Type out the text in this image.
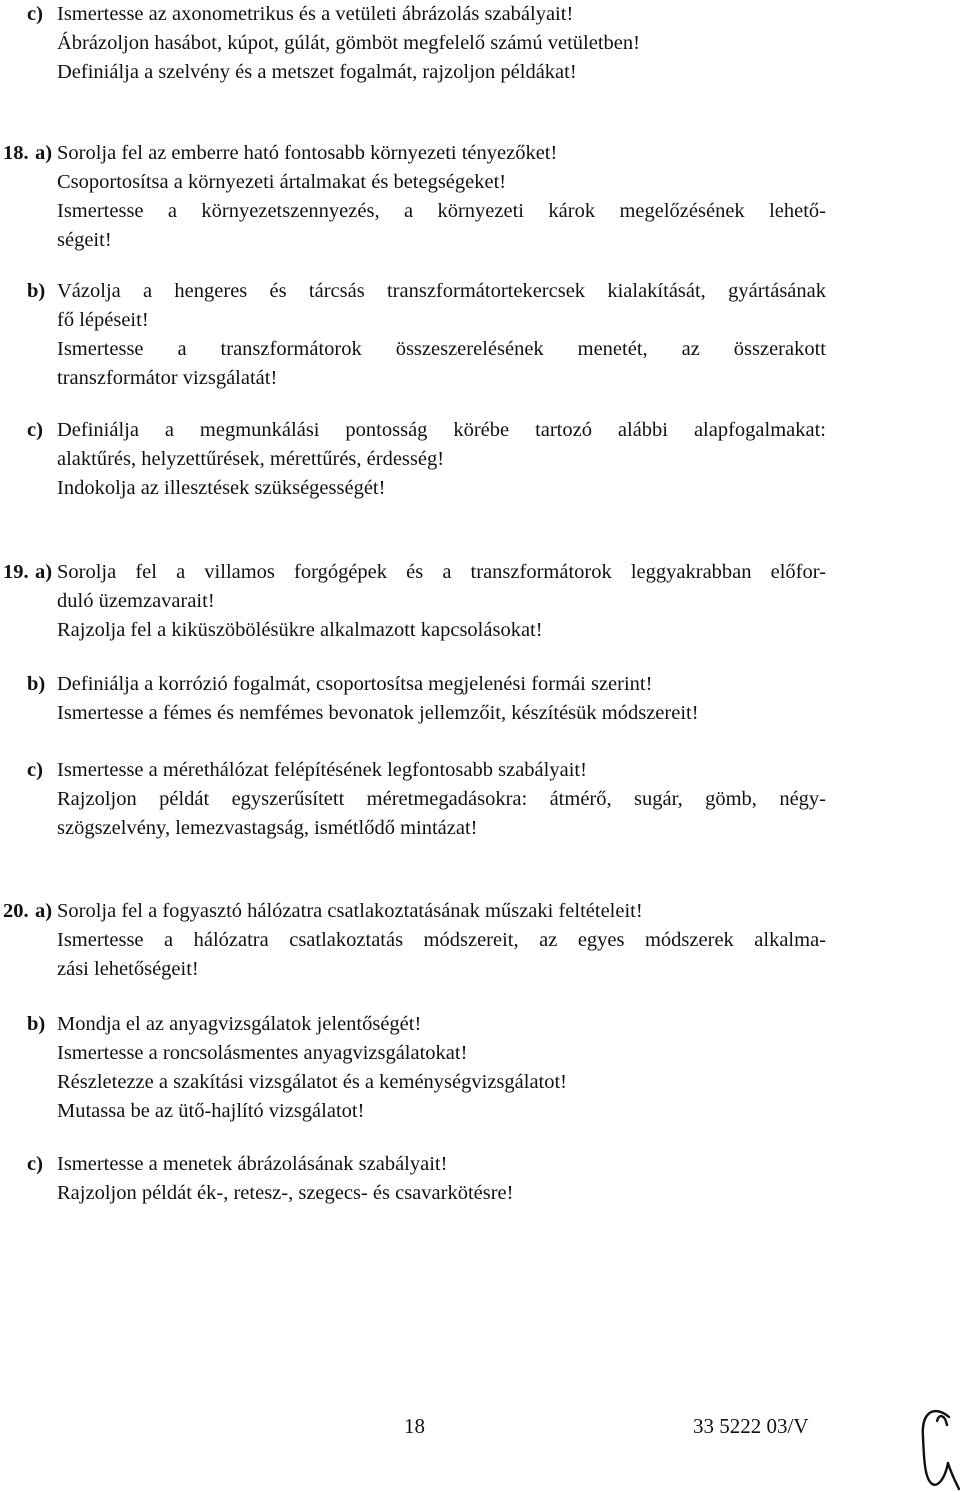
c) Ismertesse az axonometrikus és a vetületi ábrázolás szabályait!
Ábrázoljon hasábot, kúpot, gúlát, gömböt megfelelő számú vetületben!
Definiálja a szelvény és a metszet fogalmát, rajzoljon példákat!
18. a) Sorolja fel az emberre ható fontosabb környezeti tényezőket!
Csoportosítsa a környezeti ártalmakat és betegségeket!
Ismertesse a környezetszennyezés, a környezeti károk megelőzésének lehető-
ségeit!
b) Vázolja a hengeres és tárcsás transzformátortekercsek kialakítását, gyártásának
fő lépéseit!
Ismertesse a transzformátorok összeszerelésének menetét, az összerakott
transzformátor vizsgálatát!
c) Definiálja a megmunkálási pontosság körébe tartozó alábbi alapfogalmakat:
alaktűrés, helyzettűrések, mérettűrés, érdesség!
Indokolja az illesztések szükségességét!
19. a) Sorolja fel a villamos forgógépek és a transzformátorok leggyakrabban előfor-
duló üzemzavarait!
Rajzolja fel a kiküszöbölésükre alkalmazott kapcsolásokat!
b) Definiálja a korrózió fogalmát, csoportosítsa megjelenési formái szerint!
Ismertesse a fémes és nemfémes bevonatok jellemzőit, készítésük módszereit!
c) Ismertesse a mérethálózat felépítésének legfontosabb szabályait!
Rajzoljon példát egyszerűsített méretmegadásokra: átmérő, sugár, gömb, négy-
szögszelvény, lemezvastagság, ismétlődő mintázat!
20. a) Sorolja fel a fogyasztó hálózatra csatlakoztatásának műszaki feltételeit!
Ismertesse a hálózatra csatlakoztatás módszereit, az egyes módszerek alkalma-
zási lehetőségeit!
b) Mondja el az anyagvizsgálatok jelentőségét!
Ismertesse a roncsolásmentes anyagvizsgálatokat!
Részletezze a szakítási vizsgálatot és a keménységvizsgálatot!
Mutassa be az ütő-hajlító vizsgálatot!
c) Ismertesse a menetek ábrázolásának szabályait!
Rajzoljon példát ék-, retesz-, szegecs- és csavarkötésre!
18	33 5222 03/V
